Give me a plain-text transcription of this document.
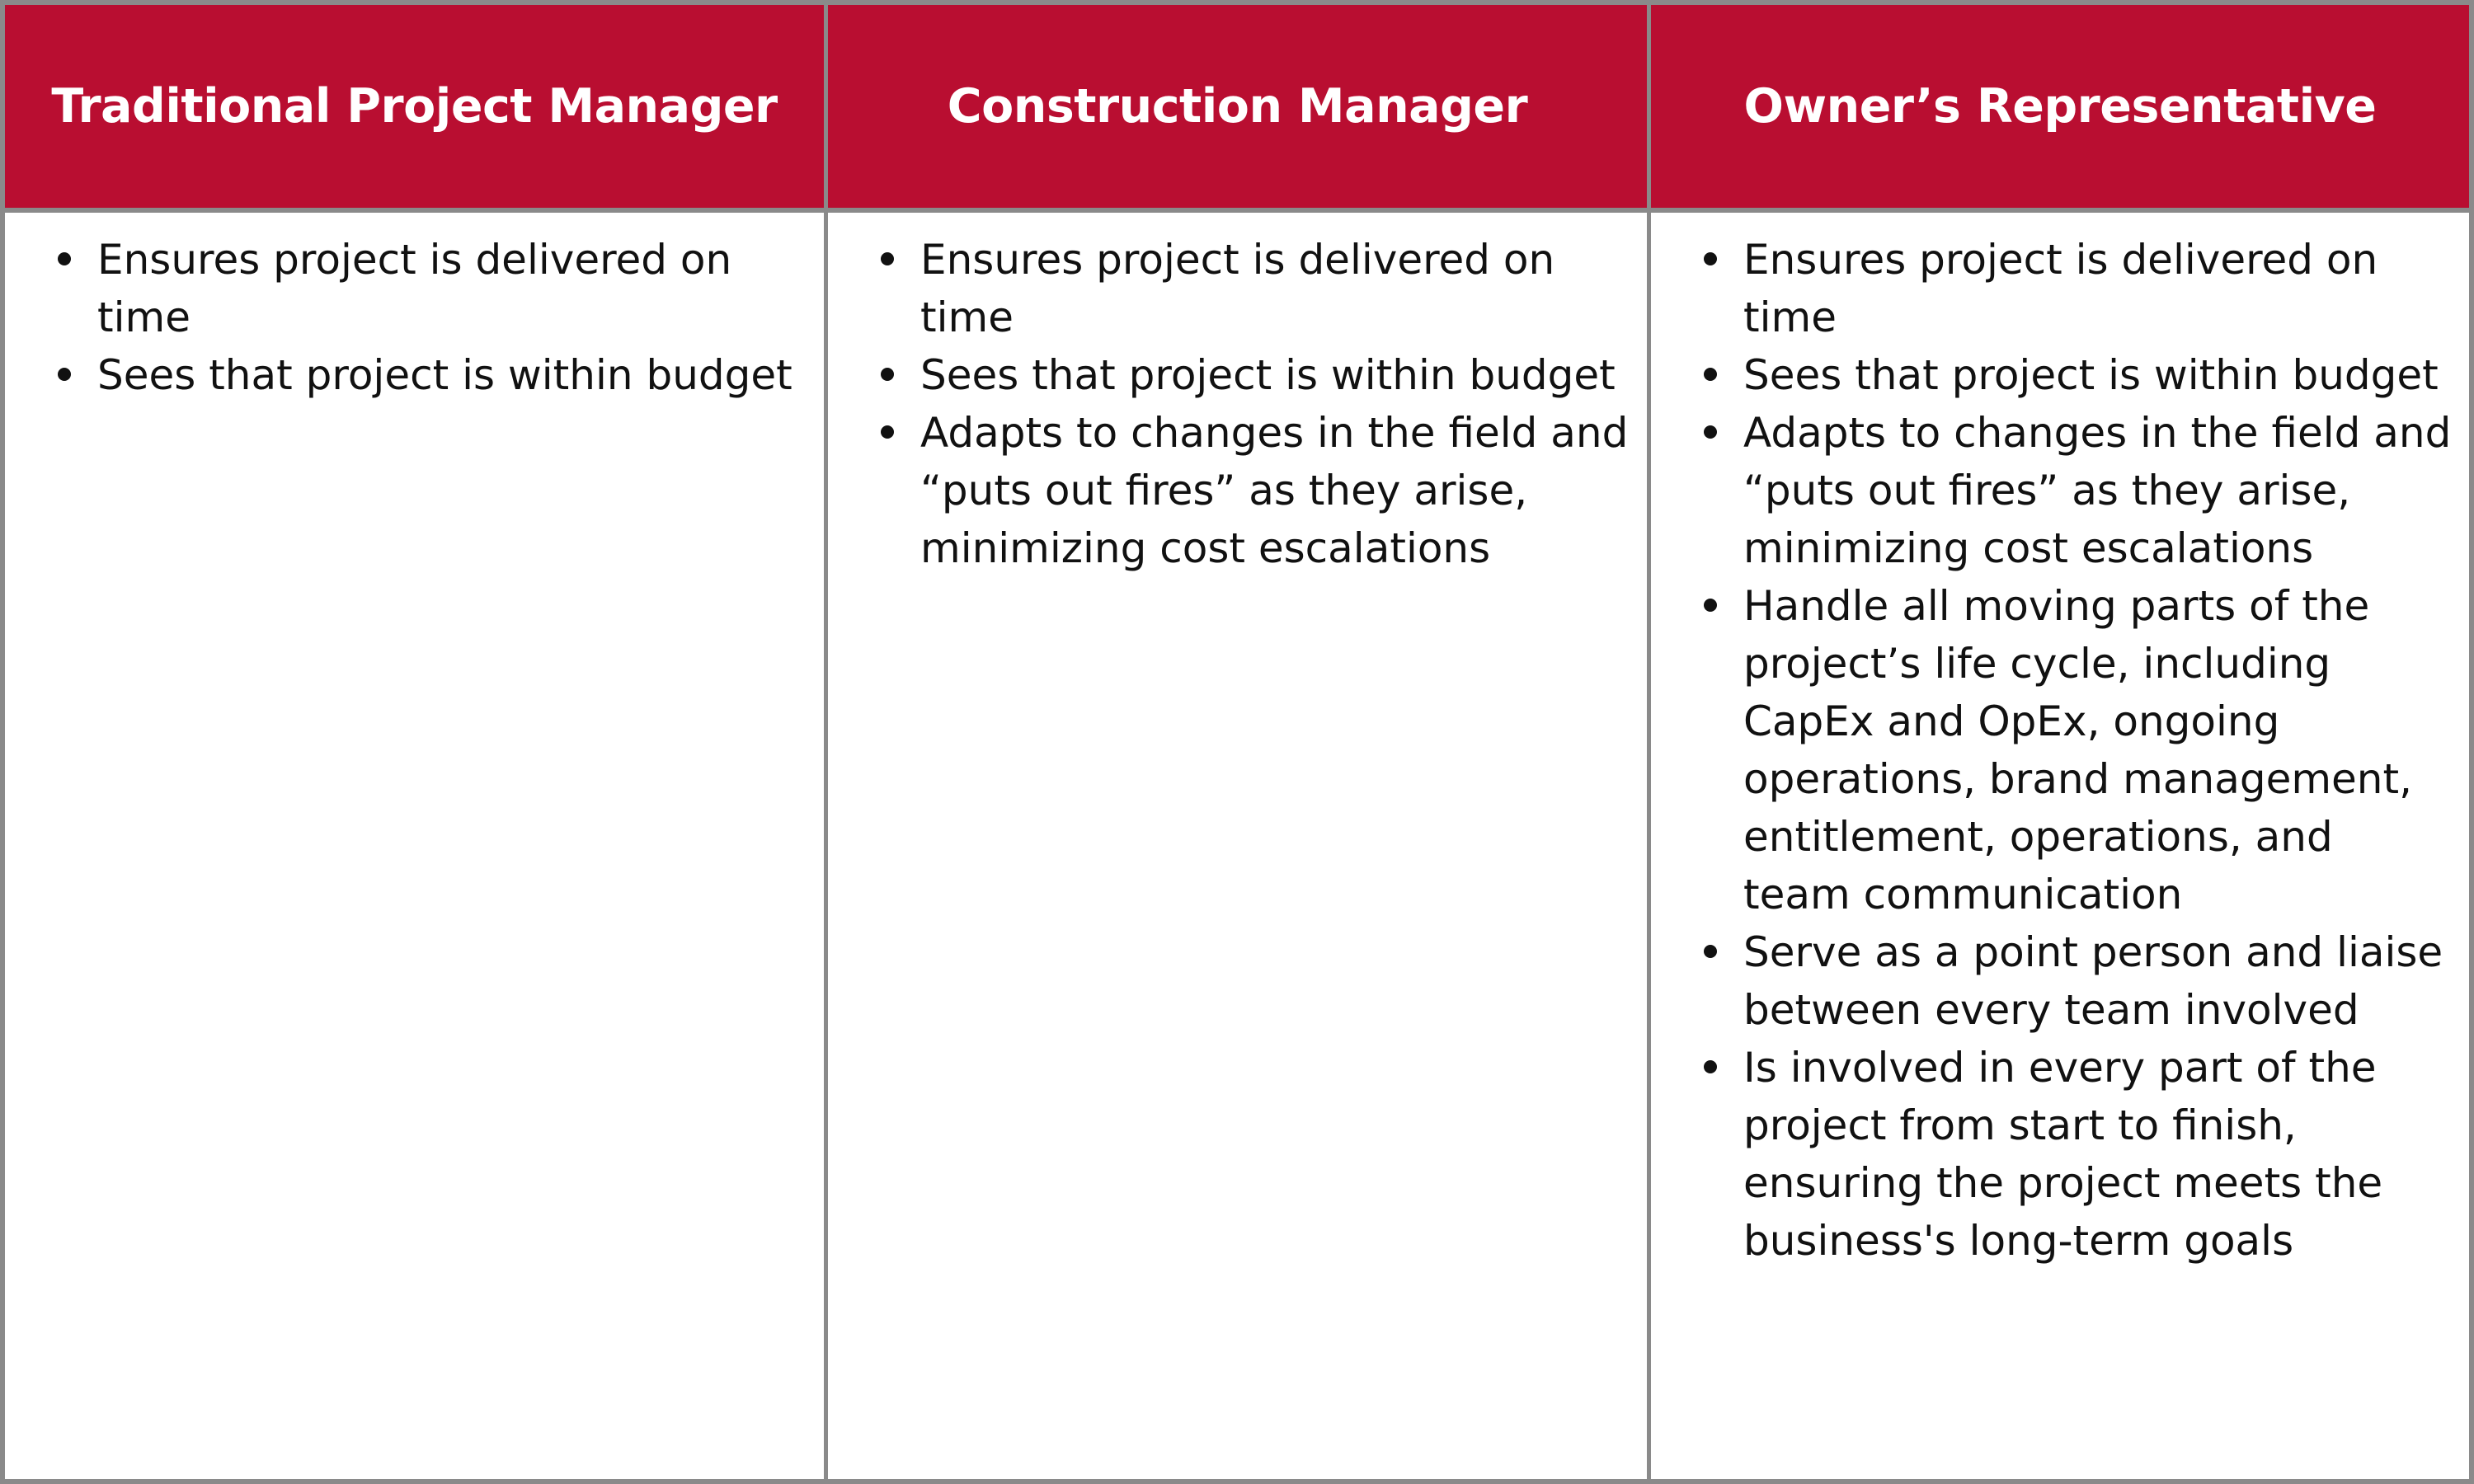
Traditional Project Manager	Construction Manager	Owner’s Representative
Ensures project is delivered on time
Sees that project is within budget
Ensures project is delivered on time
Sees that project is within budget
Adapts to changes in the field and “puts out fires” as they arise, minimizing cost escalations
Ensures project is delivered on time
Sees that project is within budget
Adapts to changes in the field and “puts out fires” as they arise, minimizing cost escalations
Handle all moving parts of the project’s life cycle, including CapEx and OpEx, ongoing operations, brand management, entitlement, operations, and team communication
Serve as a point person and liaise between every team involved
Is involved in every part of the project from start to finish, ensuring the project meets the business's long-term goals
